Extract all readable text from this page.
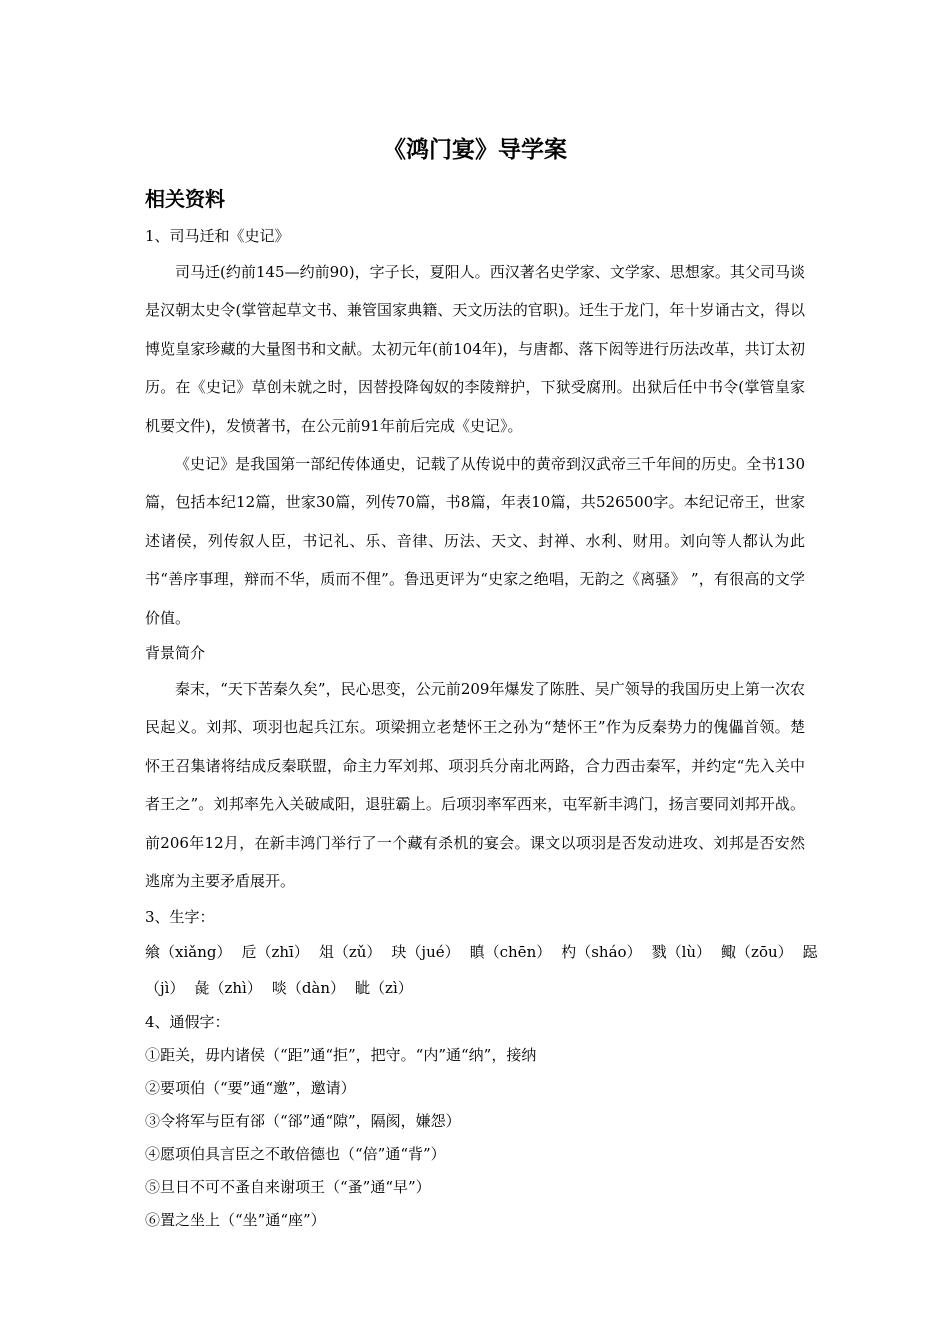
《鸿门宴》导学案
相关资料
1、司马迁和《史记》

司马迁(约前145—约前90)，字子长，夏阳人。西汉著名史学家、文学家、思想家。其父司马谈是汉朝太史令(掌管起草文书、兼管国家典籍、天文历法的官职)。迁生于龙门，年十岁诵古文，得以博览皇家珍藏的大量图书和文献。太初元年(前104年)，与唐都、落下闳等进行历法改革，共订太初历。在《史记》草创未就之时，因替投降匈奴的李陵辩护，下狱受腐刑。出狱后任中书令(掌管皇家机要文件)，发愤著书，在公元前91年前后完成《史记》。

《史记》是我国第一部纪传体通史，记载了从传说中的黄帝到汉武帝三千年间的历史。全书130篇，包括本纪12篇，世家30篇，列传70篇，书8篇，年表10篇，共526500字。本纪记帝王，世家述诸侯，列传叙人臣，书记礼、乐、音律、历法、天文、封禅、水利、财用。刘向等人都认为此书“善序事理，辩而不华，质而不俚”。鲁迅更评为“史家之绝唱，无韵之《离骚》 ”，有很高的文学价值。

背景简介

秦末，“天下苦秦久矣”，民心思变，公元前209年爆发了陈胜、吴广领导的我国历史上第一次农民起义。刘邦、项羽也起兵江东。项梁拥立老楚怀王之孙为“楚怀王”作为反秦势力的傀儡首领。楚怀王召集诸将结成反秦联盟，命主力军刘邦、项羽兵分南北两路，合力西击秦军，并约定“先入关中者王之”。刘邦率先入关破咸阳，退驻霸上。后项羽率军西来，屯军新丰鸿门，扬言要同刘邦开战。前206年12月，在新丰鸿门举行了一个藏有杀机的宴会。课文以项羽是否发动进攻、刘邦是否安然逃席为主要矛盾展开。

3、生字：
飨（xiǎng） 卮（zhī） 俎（zǔ） 玦（jué） 瞋（chēn） 杓（sháo） 戮（lù） 鲰（zōu） 跽
（jì） 彘（zhì） 啖（dàn） 眦（zì）
4、通假字：
①距关，毋内诸侯（“距”通“拒”，把守。“内”通“纳”，接纳
②要项伯（“要”通“邀”，邀请）
③令将军与臣有郤（“郤”通“隙”，隔阂，嫌怨）
④愿项伯具言臣之不敢倍德也（“倍”通“背”）
⑤旦日不可不蚤自来谢项王（“蚤”通“早”）
⑥置之坐上（“坐”通“座”）
